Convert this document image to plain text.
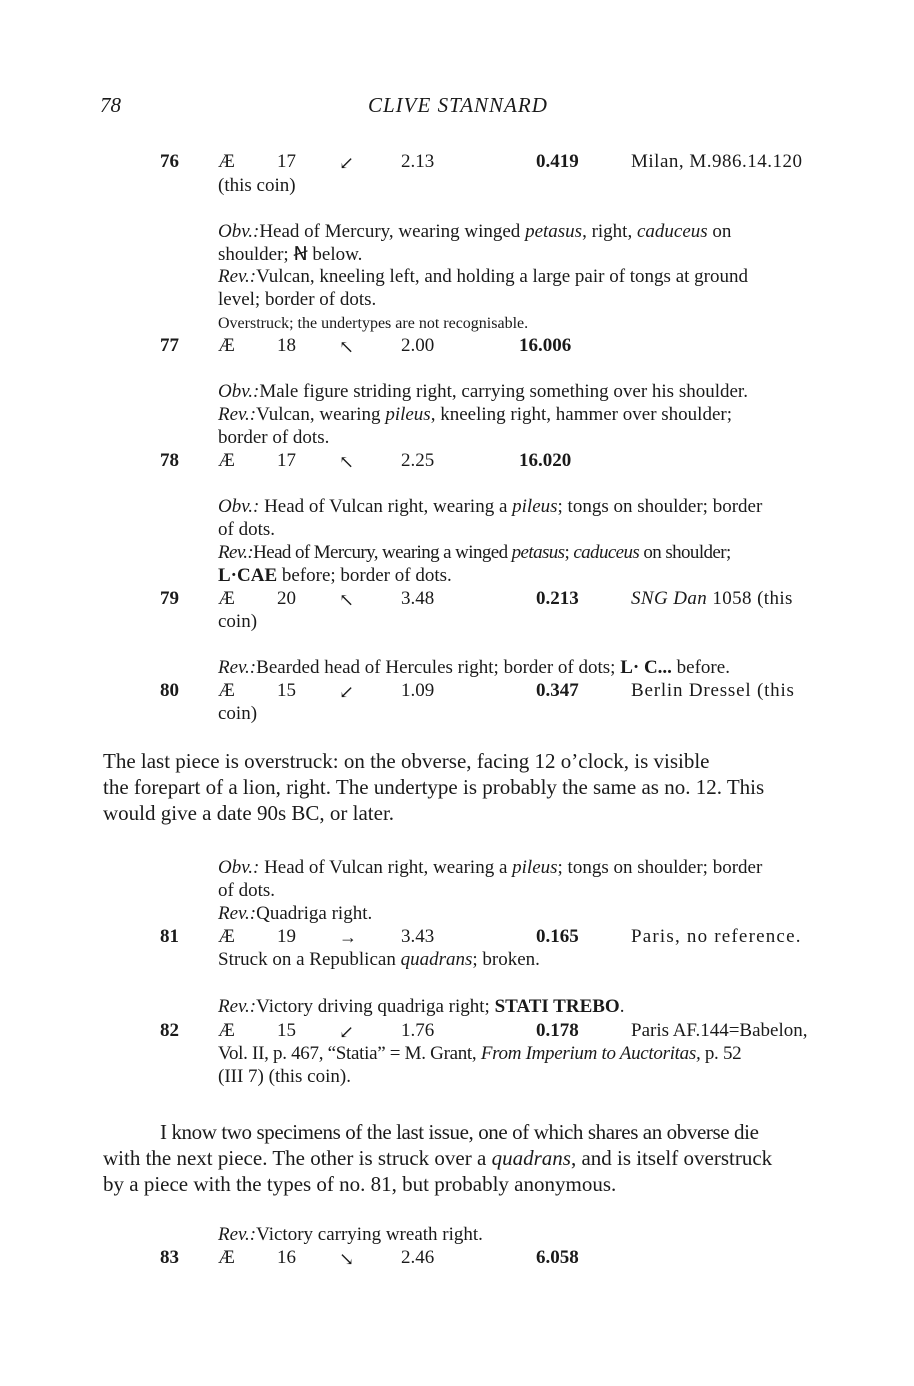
78	CLIVE STANNARD
76 Æ 17 ↙ 2.13	0.419	Milan, M.986.14.120
(this coin)
Obv.:Head of Mercury, wearing winged petasus, right, caduceus on
shoulder; Ꞥ below.
Rev.:Vulcan, kneeling left, and holding a large pair of tongs at ground
level; border of dots.
Overstruck; the undertypes are not recognisable.
77 Æ 18 ↖ 2.00	16.006
Obv.:Male figure striding right, carrying something over his shoulder.
Rev.:Vulcan, wearing pileus, kneeling right, hammer over shoulder;
border of dots.
78 Æ 17 ↖ 2.25	16.020
Obv.: Head of Vulcan right, wearing a pileus; tongs on shoulder; border
of dots.
Rev.:Head of Mercury, wearing a winged petasus; caduceus on shoulder;
L·CAE before; border of dots.
79 Æ 20 ↖ 3.48	0.213	SNG Dan 1058 (this
coin)
Rev.:Bearded head of Hercules right; border of dots; L· C... before.
80 Æ 15 ↙ 1.09	0.347	Berlin Dressel (this
coin)
The last piece is overstruck: on the obverse, facing 12 o’clock, is visible
the forepart of a lion, right. The undertype is probably the same as no. 12. This
would give a date 90s BC, or later.
Obv.: Head of Vulcan right, wearing a pileus; tongs on shoulder; border
of dots.
Rev.:Quadriga right.
81 Æ 19 → 3.43	0.165	Paris, no reference.
Struck on a Republican quadrans; broken.
Rev.:Victory driving quadriga right; STATI TREBO.
82 Æ 15 ↙ 1.76	0.178	Paris AF.144=Babelon,
Vol. II, p. 467, “Statia” = M. Grant, From Imperium to Auctoritas, p. 52
(III 7) (this coin).
I know two specimens of the last issue, one of which shares an obverse die
with the next piece. The other is struck over a quadrans, and is itself overstruck
by a piece with the types of no. 81, but probably anonymous.
Rev.:Victory carrying wreath right.
83 Æ 16 ↘ 2.46	6.058
